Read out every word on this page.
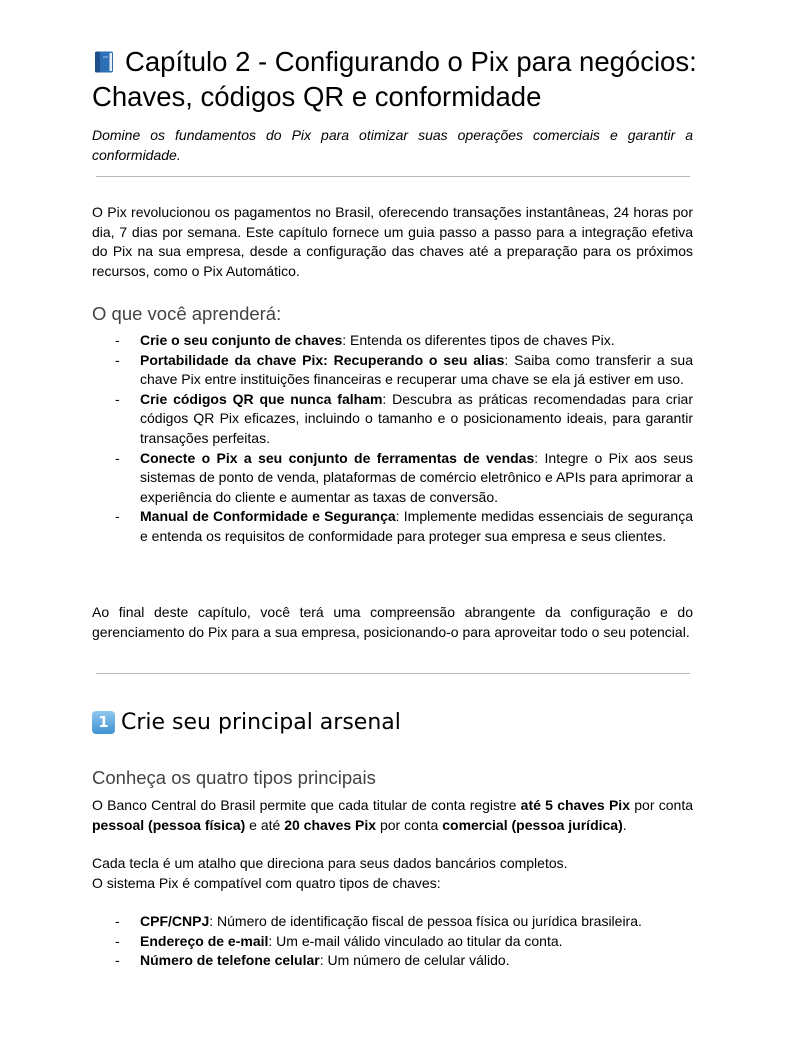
Capítulo 2 - Configurando o Pix para negócios: Chaves, códigos QR e conformidade

Domine os fundamentos do Pix para otimizar suas operações comerciais e garantir a conformidade.

O Pix revolucionou os pagamentos no Brasil, oferecendo transações instantâneas, 24 horas por dia, 7 dias por semana. Este capítulo fornece um guia passo a passo para a integração efetiva do Pix na sua empresa, desde a configuração das chaves até a preparação para os próximos recursos, como o Pix Automático.

O que você aprenderá:
- Crie o seu conjunto de chaves: Entenda os diferentes tipos de chaves Pix.
- Portabilidade da chave Pix: Recuperando o seu alias: Saiba como transferir a sua chave Pix entre instituições financeiras e recuperar uma chave se ela já estiver em uso.
- Crie códigos QR que nunca falham: Descubra as práticas recomendadas para criar códigos QR Pix eficazes, incluindo o tamanho e o posicionamento ideais, para garantir transações perfeitas.
- Conecte o Pix a seu conjunto de ferramentas de vendas: Integre o Pix aos seus sistemas de ponto de venda, plataformas de comércio eletrônico e APIs para aprimorar a experiência do cliente e aumentar as taxas de conversão.
- Manual de Conformidade e Segurança: Implemente medidas essenciais de segurança e entenda os requisitos de conformidade para proteger sua empresa e seus clientes.

Ao final deste capítulo, você terá uma compreensão abrangente da configuração e do gerenciamento do Pix para a sua empresa, posicionando-o para aproveitar todo o seu potencial.

1 Crie seu principal arsenal
Conheça os quatro tipos principais

O Banco Central do Brasil permite que cada titular de conta registre até 5 chaves Pix por conta pessoal (pessoa física) e até 20 chaves Pix por conta comercial (pessoa jurídica).

Cada tecla é um atalho que direciona para seus dados bancários completos.
O sistema Pix é compatível com quatro tipos de chaves:

- CPF/CNPJ: Número de identificação fiscal de pessoa física ou jurídica brasileira.
- Endereço de e-mail: Um e-mail válido vinculado ao titular da conta.
- Número de telefone celular: Um número de celular válido.
